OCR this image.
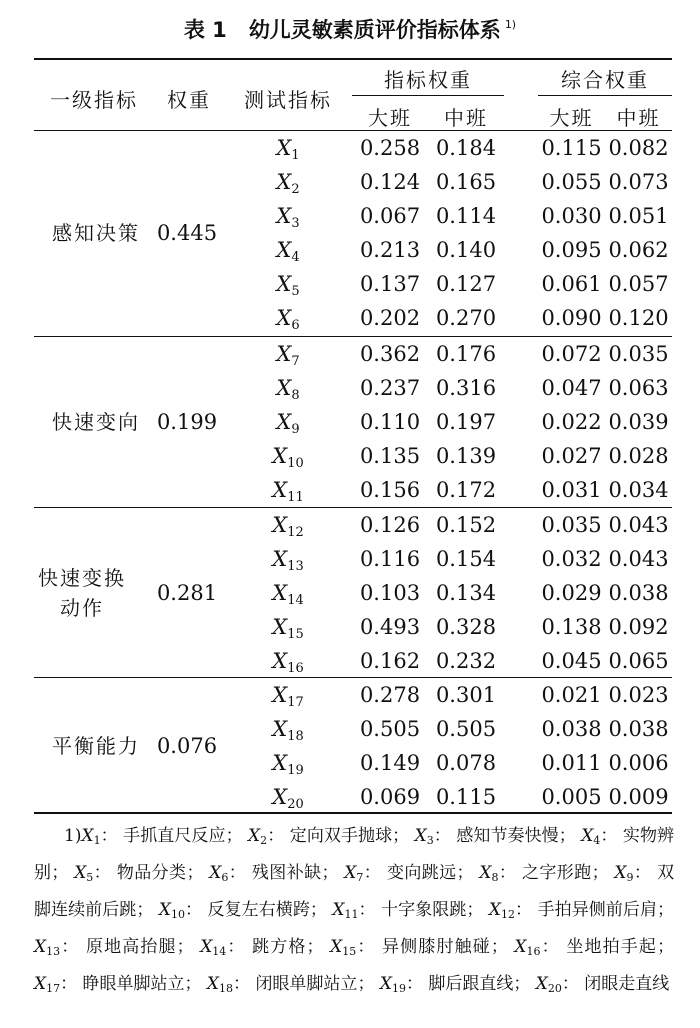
表 1 幼儿灵敏素质评价指标体系 $^{1)}$
一级指标	权重	测试指标
指标权重	综合权重
大班	中班	大班	中班
感知决策 0.445
$X_1$	0.258 0.184	0.115 0.082
$X_2$	0.124 0.165	0.055 0.073
$X_3$	0.067 0.114	0.030 0.051
$X_4$	0.213 0.140	0.095 0.062
$X_5$	0.137 0.127	0.061 0.057
$X_6$	0.202 0.270	0.090 0.120
快速变向 0.199
$X_7$	0.362 0.176	0.072 0.035
$X_8$	0.237 0.316	0.047 0.063
$X_9$	0.110 0.197	0.022 0.039
$X_{10}$	0.135 0.139	0.027 0.028
$X_{11}$	0.156 0.172	0.031 0.034
快速变换动作
0.281
$X_{12}$	0.126 0.152	0.035 0.043
$X_{13}$	0.116 0.154	0.032 0.043
$X_{14}$	0.103 0.134	0.029 0.038
$X_{15}$	0.493 0.328	0.138 0.092
$X_{16}$	0.162 0.232	0.045 0.065
平衡能力 0.076
$X_{17}$	0.278 0.301	0.021 0.023
$X_{18}$	0.505 0.505	0.038 0.038
$X_{19}$	0.149 0.078	0.011 0.006
$X_{20}$	0.069 0.115	0.005 0.009
$1)X_1$： 手抓直尺反应； $X_2$： 定向双手抛球； $X_3$： 感知节奏快慢； $X_4$： 实物辨别； $X_5$： 物品分类； $X_6$： 残图补缺； $X_7$： 变向跳远； $X_8$： 之字形跑； $X_9$： 双脚连续前后跳； $X_{10}$： 反复左右横跨； $X_{11}$： 十字象限跳； $X_{12}$： 手拍异侧前后肩； $X_{13}$： 原地高抬腿； $X_{14}$： 跳方格； $X_{15}$： 异侧膝肘触碰； $X_{16}$： 坐地拍手起； $X_{17}$： 睁眼单脚站立； $X_{18}$： 闭眼单脚站立； $X_{19}$： 脚后跟直线； $X_{20}$： 闭眼走直线
